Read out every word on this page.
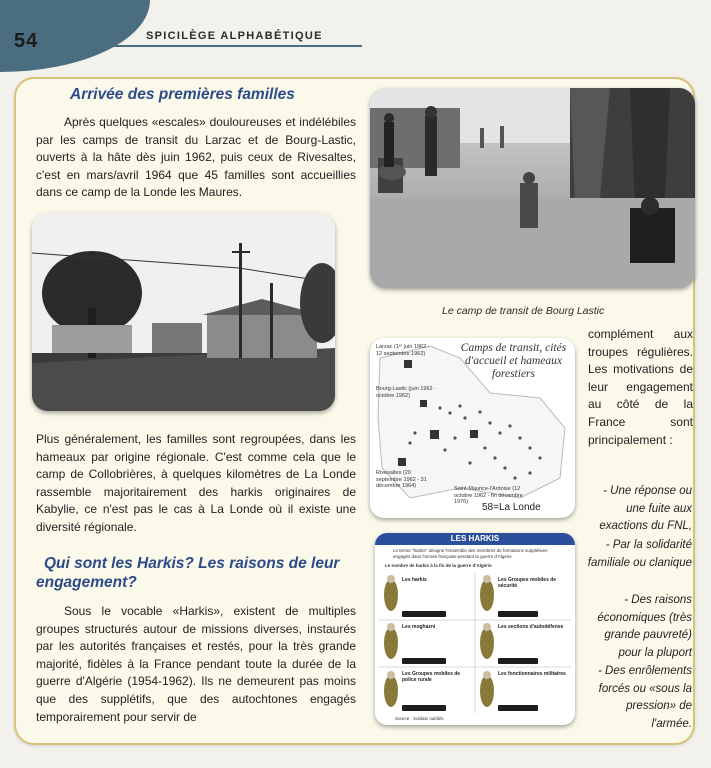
54	SPICILÈGE ALPHABÉTIQUE
Arrivée des premières familles

Après quelques «escales» douloureuses et indélébiles par les camps de transit du Larzac et de Bourg-Lastic, ouverts à la hâte dès juin 1962, puis ceux de Rivesaltes, c'est en mars/avril 1964 que 45 familles sont accueillies dans ce camp de la Londe les Maures.

Le camp de transit de Bourg Lastic

Plus généralement, les familles sont regroupées, dans les hameaux par origine régionale. C'est comme cela que le camp de Collobrières, à quelques kilomètres de La Londe rassemble majoritairement des harkis originaires de Kabylie, ce n'est pas le cas à La Londe où il existe une diversité régionale.

Qui sont les Harkis? Les raisons de leur engagement?

Sous le vocable «Harkis», existent de multiples groupes structurés autour de missions diverses, instaurés par les autorités françaises et restés, pour la très grande majorité, fidèles à la France pendant toute la durée de la guerre d'Algérie (1954-1962). Ils ne demeurent pas moins que des supplétifs, que des autochtones engagés temporairement pour servir de

Camps de transit, cités d'accueil et hameaux forestiers

Larzac (1ᵉʳ juin 1962 - 12 septembre 1962)

Bourg-Lastic (juin 1962 - octobre 1962)

Rivesaltes (20 septembre 1962 - 31 décembre 1964)	Saint-Maurice-l'Ardoise (12 octobre 1962 - fin décembre 1976)	58=La Londe

LES HARKIS

Le terme "harkis" désigne l'ensemble des membres de formations supplétives engagés dans l'armée française pendant la guerre d'Algérie

Le nombre de harkis à la fin de la guerre d'Algérie

Les harkis	Les Groupes mobiles de sécurité

Les moghazni	Les sections d'autodéfense

Les Groupes mobiles de police rurale

Les fonctionnaires militaires

Source : Soldats oubliés

complément aux troupes régulières. Les motivations de leur engagement au côté de la France sont principalement :

- Une réponse ou une fuite aux exactions du FNL,

- Par la solidarité familiale ou clanique

- Des raisons économiques (très grande pauvreté) pour la pluport

- Des enrôlements forcés ou «sous la pression» de l'armée.
